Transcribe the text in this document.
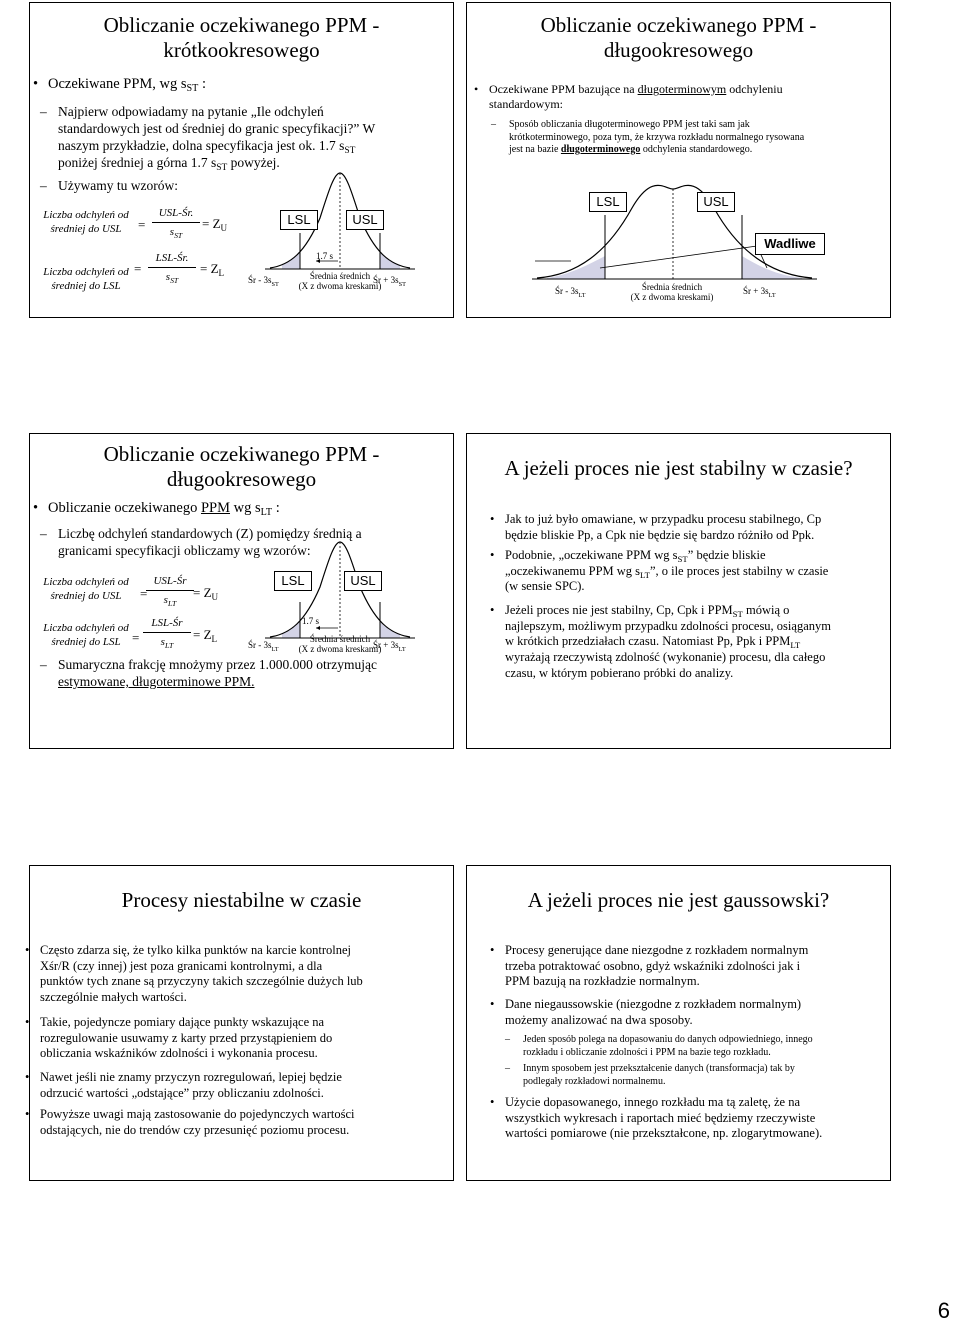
Obliczanie oczekiwanego PPM -
krótkookresowego
• Oczekiwane PPM, wg $s_{ST}$ :
– Najpierw odpowiadamy na pytanie „Ile odchyleń
standardowych jest od średniej do granic specyfikacji?” W
naszym przykładzie, dolna specyfikacja jest ok. 1.7 $s_{ST}$
poniżej średniej a górna 1.7 $s_{ST}$ powyżej.
– Używamy tu wzorów:
Liczba odchyleń od
średniej do USL	=
USL-Śr.
$s_{ST}$
= $Z_U$
Liczba odchyleń od
średniej do LSL
=
LSL-Śr.
$s_{ST}$
= $Z_L$
LSL	USL
1.7 s
Śr - $3s_{ST}$
Średnia średnich
(X z dwoma kreskami)
Śr + $3s_{ST}$
Obliczanie oczekiwanego PPM -
długookresowego
• Oczekiwane PPM bazujące na długoterminowym odchyleniu
standardowym:
– Sposób obliczania długoterminowego PPM jest taki sam jak
krótkoterminowego, poza tym, że krzywa rozkładu normalnego rysowana
jest na bazie długoterminowego odchylenia standardowego.
LSL	USL
Wadliwe
Śr - $3s_{LT}$
Średnia średnich
(X z dwoma kreskami)
Śr + $3s_{LT}$
Obliczanie oczekiwanego PPM -
długookresowego
• Obliczanie oczekiwanego PPM wg $s_{LT}$ :
– Liczbę odchyleń standardowych (Z) pomiędzy średnią a
granicami specyfikacji obliczamy wg wzorów:
Liczba odchyleń od
średniej do USL	=
USL-Śr
$s_{LT}$
= $Z_U$
Liczba odchyleń od
średniej do LSL =
LSL-Śr
$s_{LT}$
= $Z_L$
LSL	USL
1.7 s
Śr - $3s_{LT}$
Średnia średnich
(X z dwoma kreskami)
Śr + $3s_{LT}$
– Sumaryczna frakcję mnożymy przez 1.000.000 otrzymując
estymowane, długoterminowe PPM.
A jeżeli proces nie jest stabilny w czasie?
• Jak to już było omawiane, w przypadku procesu stabilnego, Cp
będzie bliskie Pp, a Cpk nie będzie się bardzo różniło od Ppk.
• Podobnie, „oczekiwane PPM wg $s_{ST}$” będzie bliskie
„oczekiwanemu PPM wg $s_{LT}$”, o ile proces jest stabilny w czasie
(w sensie SPC).
• Jeżeli proces nie jest stabilny, Cp, Cpk i $PPM_{ST}$ mówią o
najlepszym, możliwym przypadku zdolności procesu, osiąganym
w krótkich przedziałach czasu. Natomiast Pp, Ppk i $PPM_{LT}$
wyrażają rzeczywistą zdolność (wykonanie) procesu, dla całego
czasu, w którym pobierano próbki do analizy.
Procesy niestabilne w czasie
• Często zdarza się, że tylko kilka punktów na karcie kontrolnej
Xśr/R (czy innej) jest poza granicami kontrolnymi, a dla
punktów tych znane są przyczyny takich szczególnie dużych lub
szczególnie małych wartości.
• Takie, pojedyncze pomiary dające punkty wskazujące na
rozregulowanie usuwamy z karty przed przystąpieniem do
obliczania wskaźników zdolności i wykonania procesu.
• Nawet jeśli nie znamy przyczyn rozregulowań, lepiej będzie
odrzucić wartości „odstające” przy obliczaniu zdolności.
• Powyższe uwagi mają zastosowanie do pojedynczych wartości
odstających, nie do trendów czy przesunięć poziomu procesu.
A jeżeli proces nie jest gaussowski?
• Procesy generujące dane niezgodne z rozkładem normalnym
trzeba potraktować osobno, gdyż wskaźniki zdolności jak i
PPM bazują na rozkładzie normalnym.
• Dane niegaussowskie (niezgodne z rozkładem normalnym)
możemy analizować na dwa sposoby.
– Jeden sposób polega na dopasowaniu do danych odpowiedniego, innego
rozkładu i obliczanie zdolności i PPM na bazie tego rozkładu.
– Innym sposobem jest przekształcenie danych (transformacja) tak by
podlegały rozkładowi normalnemu.
• Użycie dopasowanego, innego rozkładu ma tą zaletę, że na
wszystkich wykresach i raportach mieć będziemy rzeczywiste
wartości pomiarowe (nie przekształcone, np. zlogarytmowane).
6
